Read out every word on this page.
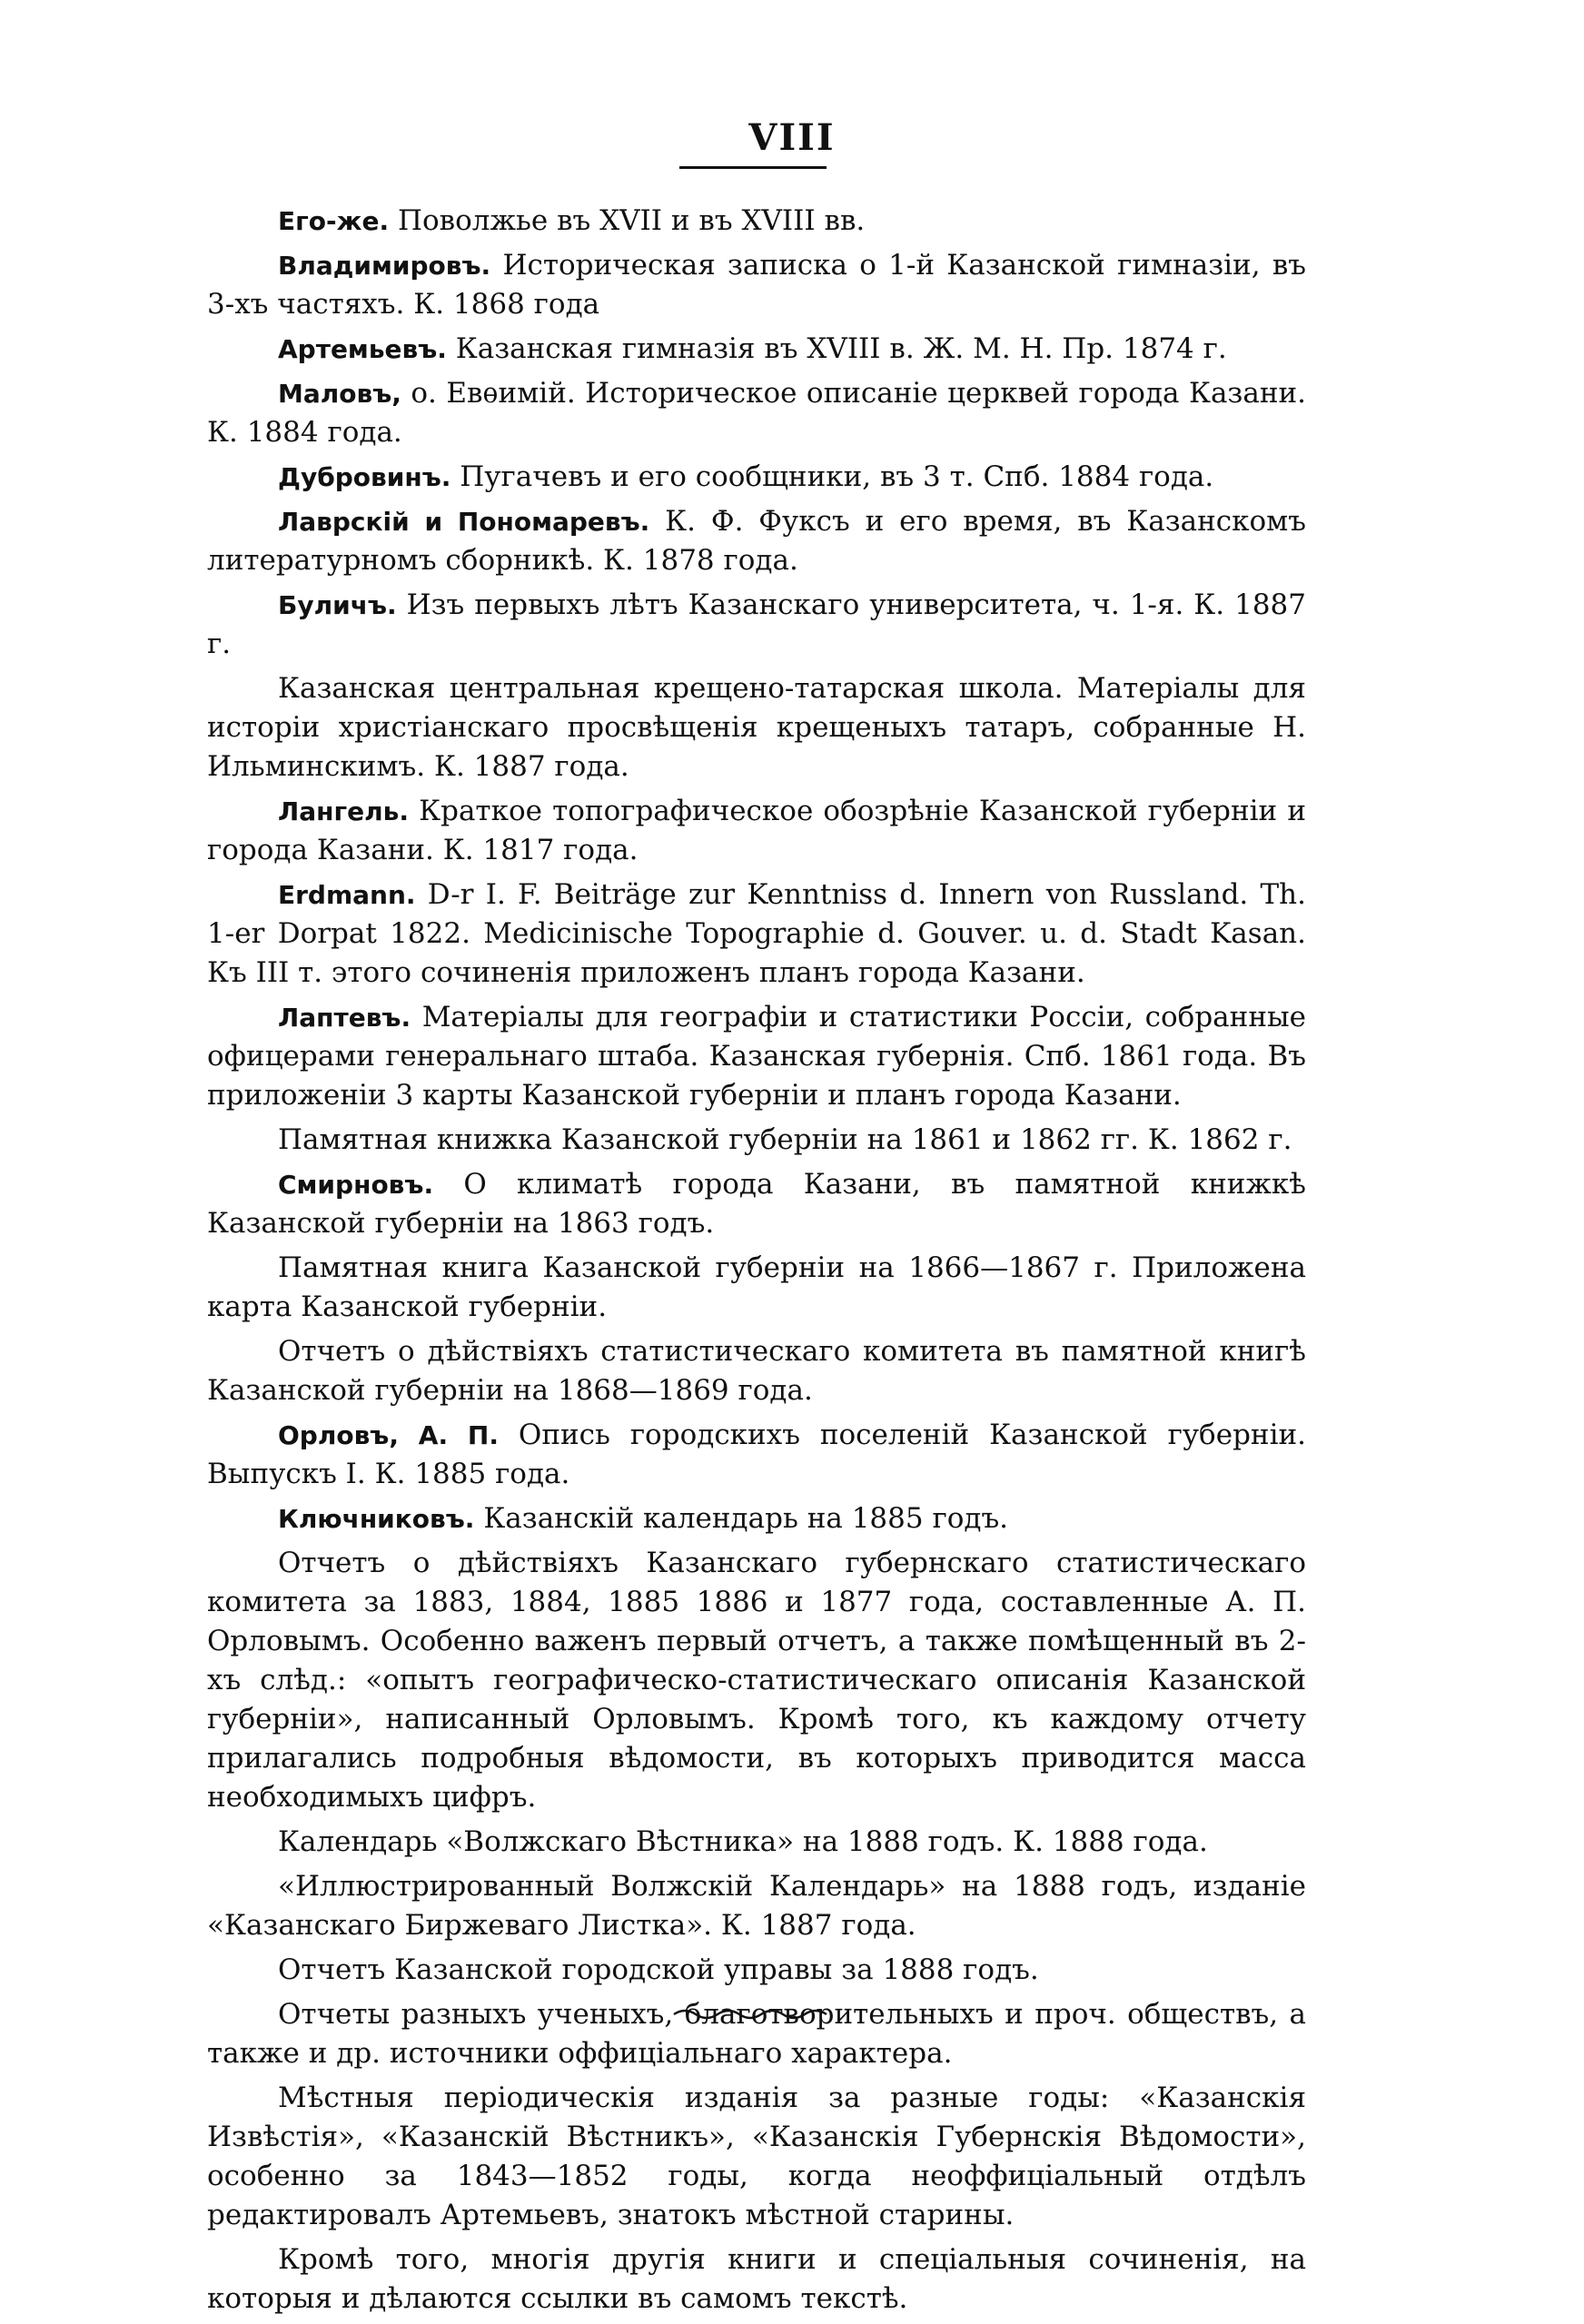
VIII

Его-же. Поволжье въ XVII и въ XVIII вв.

Владимировъ. Историческая записка о 1-й Казанской гимназіи, въ 3-хъ частяхъ. К. 1868 года

Артемьевъ. Казанская гимназія въ XVIII в. Ж. М. Н. Пр. 1874 г.

Маловъ, о. Евѳимій. Историческое описаніе церквей города Казани. К. 1884 года.

Дубровинъ. Пугачевъ и его сообщники, въ 3 т. Спб. 1884 года.

Лаврскій и Пономаревъ. К. Ф. Фуксъ и его время, въ Казанскомъ литературномъ сборникѣ. К. 1878 года.

Буличъ. Изъ первыхъ лѣтъ Казанскаго университета, ч. 1-я. К. 1887 г.

Казанская центральная крещено-татарская школа. Матеріалы для исторіи христіанскаго просвѣщенія крещеныхъ татаръ, собранные Н. Ильминскимъ. К. 1887 года.

Лангель. Краткое топографическое обозрѣніе Казанской губерніи и города Казани. К. 1817 года.

Erdmann. D-r I. F. Beiträge zur Kenntniss d. Innern von Russland. Th. 1-er Dorpat 1822. Medicinische Topographie d. Gouver. u. d. Stadt Kasan. Къ III т. этого сочиненія приложенъ планъ города Казани.

Лаптевъ. Матеріалы для географіи и статистики Россіи, собранные офицерами генеральнаго штаба. Казанская губернія. Спб. 1861 года. Въ приложеніи 3 карты Казанской губерніи и планъ города Казани.

Памятная книжка Казанской губерніи на 1861 и 1862 гг. К. 1862 г.

Смирновъ. О климатѣ города Казани, въ памятной книжкѣ Казанской губерніи на 1863 годъ.

Памятная книга Казанской губерніи на 1866—1867 г. Приложена карта Казанской губерніи.

Отчетъ о дѣйствіяхъ статистическаго комитета въ памятной книгѣ Казанской губерніи на 1868—1869 года.

Орловъ, А. П. Опись городскихъ поселеній Казанской губерніи. Выпускъ I. К. 1885 года.

Ключниковъ. Казанскій календарь на 1885 годъ.

Отчетъ о дѣйствіяхъ Казанскаго губернскаго статистическаго комитета за 1883, 1884, 1885 1886 и 1877 года, составленные А. П. Орловымъ. Особенно важенъ первый отчетъ, а также помѣщенный въ 2-хъ слѣд.: «опытъ географическо-статистическаго описанія Казанской губерніи», написанный Орловымъ. Кромѣ того, къ каждому отчету прилагались подробныя вѣдомости, въ которыхъ приводится масса необходимыхъ цифръ.

Календарь «Волжскаго Вѣстника» на 1888 годъ. К. 1888 года.

«Иллюстрированный Волжскій Календарь» на 1888 годъ, изданіе «Казанскаго Биржеваго Листка». К. 1887 года.

Отчетъ Казанской городской управы за 1888 годъ.

Отчеты разныхъ ученыхъ, благотворительныхъ и проч. обществъ, а также и др. источники оффиціальнаго характера.

Мѣстныя періодическія изданія за разные годы: «Казанскія Извѣстія», «Казанскій Вѣстникъ», «Казанскія Губернскія Вѣдомости», особенно за 1843—1852 годы, когда неоффиціальный отдѣлъ редактировалъ Артемьевъ, знатокъ мѣстной старины.

Кромѣ того, многія другія книги и спеціальныя сочиненія, на которыя и дѣлаются ссылки въ самомъ текстѣ.
